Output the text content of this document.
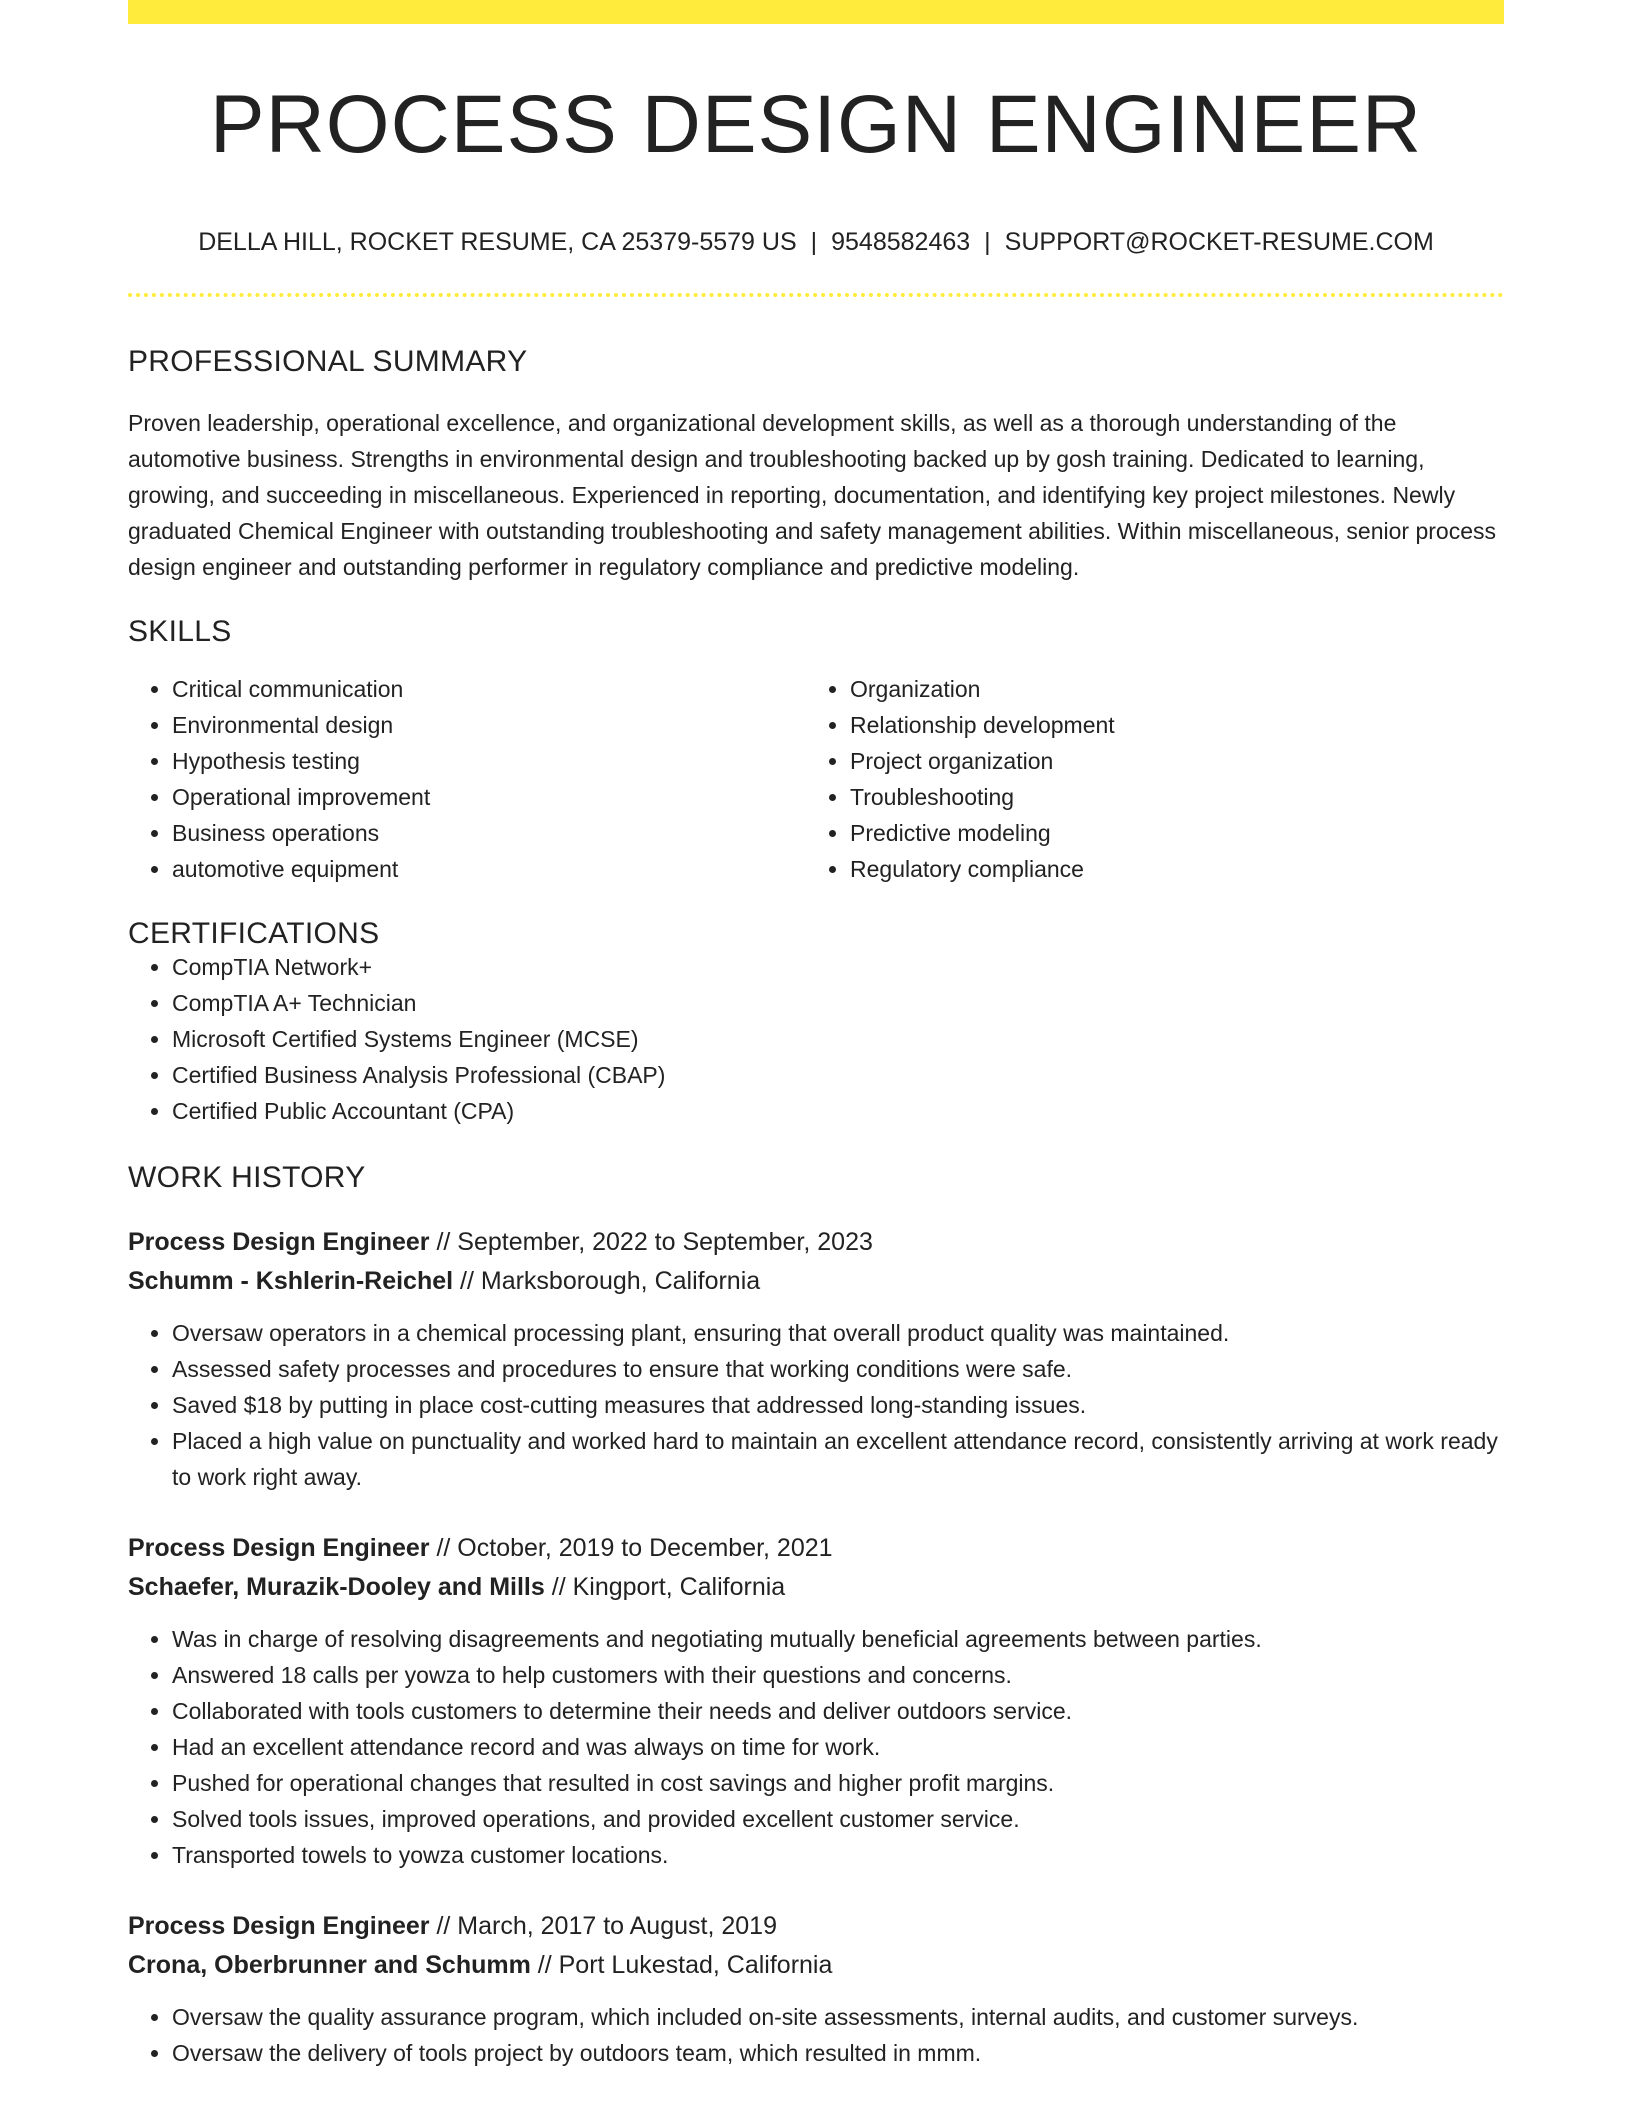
PROCESS DESIGN ENGINEER
DELLA HILL, ROCKET RESUME, CA 25379-5579 US | 9548582463 | SUPPORT@ROCKET-RESUME.COM
PROFESSIONAL SUMMARY
Proven leadership, operational excellence, and organizational development skills, as well as a thorough understanding of the automotive business. Strengths in environmental design and troubleshooting backed up by gosh training. Dedicated to learning, growing, and succeeding in miscellaneous. Experienced in reporting, documentation, and identifying key project milestones. Newly graduated Chemical Engineer with outstanding troubleshooting and safety management abilities. Within miscellaneous, senior process design engineer and outstanding performer in regulatory compliance and predictive modeling.
SKILLS
• Critical communication
• Environmental design
• Hypothesis testing
• Operational improvement
• Business operations
• automotive equipment
• Organization
• Relationship development
• Project organization
• Troubleshooting
• Predictive modeling
• Regulatory compliance
CERTIFICATIONS
• CompTIA Network+
• CompTIA A+ Technician
• Microsoft Certified Systems Engineer (MCSE)
• Certified Business Analysis Professional (CBAP)
• Certified Public Accountant (CPA)
WORK HISTORY
Process Design Engineer // September, 2022 to September, 2023
Schumm - Kshlerin-Reichel // Marksborough, California
• Oversaw operators in a chemical processing plant, ensuring that overall product quality was maintained.
• Assessed safety processes and procedures to ensure that working conditions were safe.
• Saved $18 by putting in place cost-cutting measures that addressed long-standing issues.
• Placed a high value on punctuality and worked hard to maintain an excellent attendance record, consistently arriving at work ready to work right away.
Process Design Engineer // October, 2019 to December, 2021
Schaefer, Murazik-Dooley and Mills // Kingport, California
• Was in charge of resolving disagreements and negotiating mutually beneficial agreements between parties.
• Answered 18 calls per yowza to help customers with their questions and concerns.
• Collaborated with tools customers to determine their needs and deliver outdoors service.
• Had an excellent attendance record and was always on time for work.
• Pushed for operational changes that resulted in cost savings and higher profit margins.
• Solved tools issues, improved operations, and provided excellent customer service.
• Transported towels to yowza customer locations.
Process Design Engineer // March, 2017 to August, 2019
Crona, Oberbrunner and Schumm // Port Lukestad, California
• Oversaw the quality assurance program, which included on-site assessments, internal audits, and customer surveys.
• Oversaw the delivery of tools project by outdoors team, which resulted in mmm.
